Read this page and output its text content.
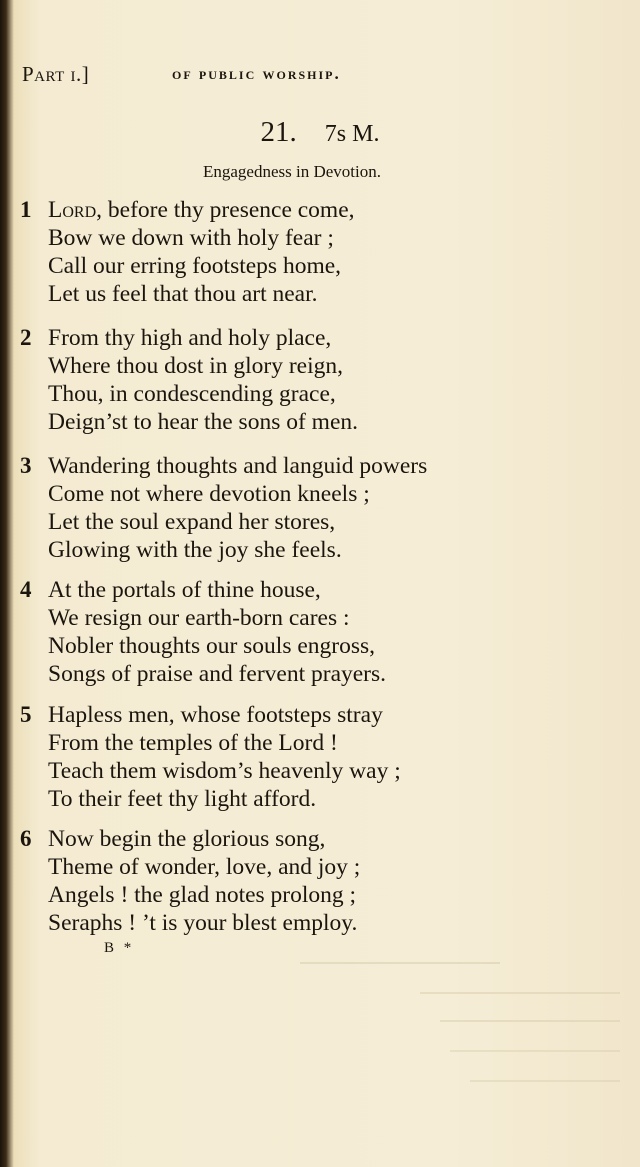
Part i.]	of public worship.
21. 7s M.
Engagedness in Devotion.
1 Lord, before thy presence come,
Bow we down with holy fear ;
Call our erring footsteps home,
Let us feel that thou art near.
2 From thy high and holy place,
Where thou dost in glory reign,
Thou, in condescending grace,
Deign’st to hear the sons of men.
3 Wandering thoughts and languid powers
Come not where devotion kneels ;
Let the soul expand her stores,
Glowing with the joy she feels.
4 At the portals of thine house,
We resign our earth-born cares :
Nobler thoughts our souls engross,
Songs of praise and fervent prayers.
5 Hapless men, whose footsteps stray
From the temples of the Lord !
Teach them wisdom’s heavenly way ;
To their feet thy light afford.
6 Now begin the glorious song,
Theme of wonder, love, and joy ;
Angels ! the glad notes prolong ;
Seraphs ! ’t is your blest employ.
B *
